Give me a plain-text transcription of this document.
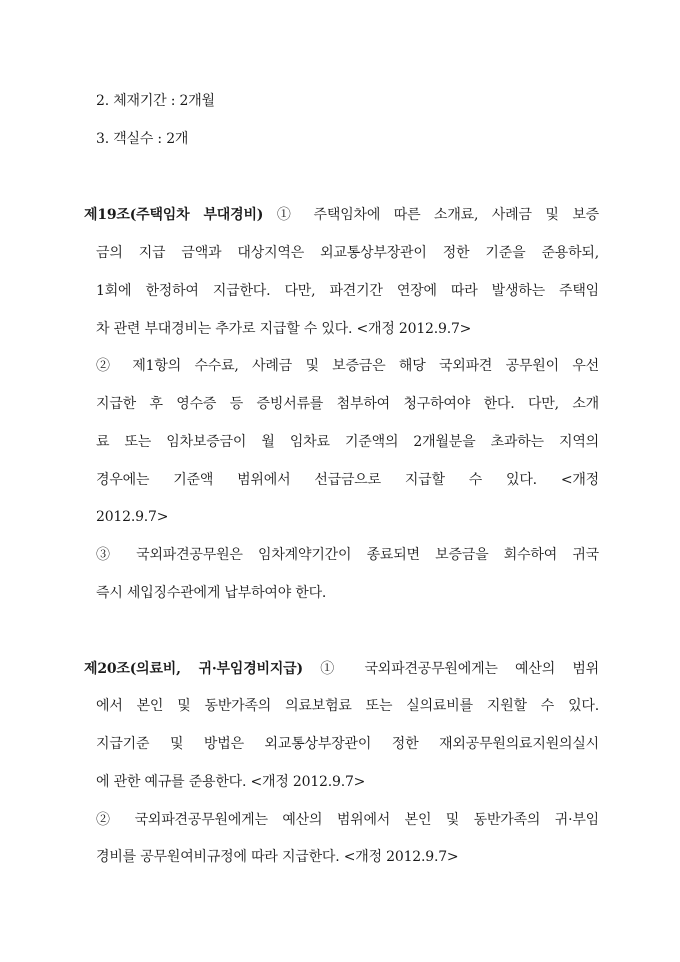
2. 체재기간 : 2개월
3. 객실수 : 2개
제19조(주택임차 부대경비) ① 주택임차에 따른 소개료, 사례금 및 보증
금의 지급 금액과 대상지역은 외교통상부장관이 정한 기준을 준용하되,
1회에 한정하여 지급한다. 다만, 파견기간 연장에 따라 발생하는 주택임
차 관련 부대경비는 추가로 지급할 수 있다. <개정 2012.9.7>
② 제1항의 수수료, 사례금 및 보증금은 해당 국외파견 공무원이 우선
지급한 후 영수증 등 증빙서류를 첨부하여 청구하여야 한다. 다만, 소개
료 또는 임차보증금이 월 임차료 기준액의 2개월분을 초과하는 지역의
경우에는 기준액 범위에서 선급금으로 지급할 수 있다. <개정
2012.9.7>
③ 국외파견공무원은 임차계약기간이 종료되면 보증금을 회수하여 귀국
즉시 세입징수관에게 납부하여야 한다.
제20조(의료비, 귀·부임경비지급) ① 국외파견공무원에게는 예산의 범위
에서 본인 및 동반가족의 의료보험료 또는 실의료비를 지원할 수 있다.
지급기준 및 방법은 외교통상부장관이 정한 재외공무원의료지원의실시
에 관한 예규를 준용한다. <개정 2012.9.7>
② 국외파견공무원에게는 예산의 범위에서 본인 및 동반가족의 귀·부임
경비를 공무원여비규정에 따라 지급한다. <개정 2012.9.7>
